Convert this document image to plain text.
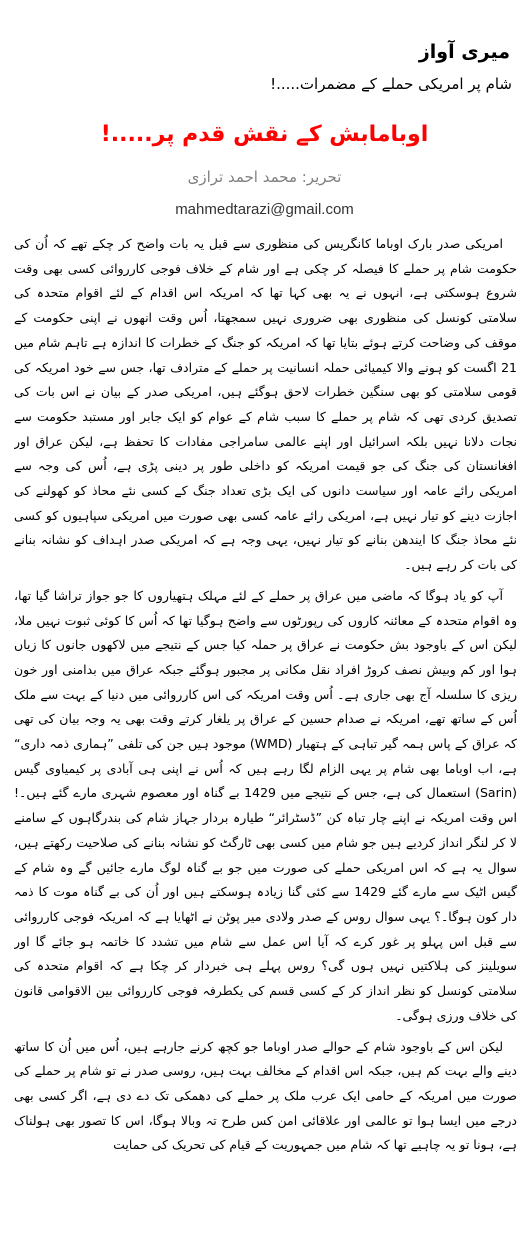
میری آواز
شام پر امریکی حملے کے مضمرات.....!
اوبامابش کے نقش قدم پر.....!
تحریر: محمد احمد ترازی
mahmedtarazi@gmail.com

امریکی صدر بارک اوباما کانگریس کی منظوری سے قبل یہ بات واضح کر چکے تھے کہ اُن کی حکومت شام پر حملے کا فیصلہ کر چکی ہے اور شام کے خلاف فوجی کارروائی کسی بھی وقت شروع ہوسکتی ہے، انہوں نے یہ بھی کہا تھا کہ امریکہ اس اقدام کے لئے اقوام متحدہ کی سلامتی کونسل کی منظوری بھی ضروری نہیں سمجھتا، اُس وقت انھوں نے اپنی حکومت کے موقف کی وضاحت کرتے ہوئے بتایا تھا کہ امریکہ کو جنگ کے خطرات کا اندازہ ہے تاہم شام میں 21 اگست کو ہونے والا کیمیائی حملہ انسانیت پر حملے کے مترادف تھا، جس سے خود امریکہ کی قومی سلامتی کو بھی سنگین خطرات لاحق ہوگئے ہیں، امریکی صدر کے بیان نے اس بات کی تصدیق کردی تھی کہ شام پر حملے کا سبب شام کے عوام کو ایک جابر اور مستبد حکومت سے نجات دلانا نہیں بلکہ اسرائیل اور اپنے عالمی سامراجی مفادات کا تحفظ ہے، لیکن عراق اور افغانستان کی جنگ کی جو قیمت امریکہ کو داخلی طور پر دینی پڑی ہے، اُس کی وجہ سے امریکی رائے عامہ اور سیاست دانوں کی ایک بڑی تعداد جنگ کے کسی نئے محاذ کو کھولنے کی اجازت دینے کو تیار نہیں ہے، امریکی رائے عامہ کسی بھی صورت میں امریکی سپاہیوں کو کسی نئے محاذ جنگ کا ایندھن بنانے کو تیار نہیں، یہی وجہ ہے کہ امریکی صدر اہداف کو نشانہ بنانے کی بات کر رہے ہیں۔

آپ کو یاد ہوگا کہ ماضی میں عراق پر حملے کے لئے مہلک ہتھیاروں کا جو جواز تراشا گیا تھا، وہ اقوام متحدہ کے معائنہ کاروں کی رپورٹوں سے واضح ہوگیا تھا کہ اُس کا کوئی ثبوت نہیں ملا، لیکن اس کے باوجود بش حکومت نے عراق پر حملہ کیا جس کے نتیجے میں لاکھوں جانوں کا زیاں ہوا اور کم وبیش نصف کروڑ افراد نقل مکانی پر مجبور ہوگئے جبکہ عراق میں بدامنی اور خون ریزی کا سلسلہ آج بھی جاری ہے۔ اُس وقت امریکہ کی اس کارروائی میں دنیا کے بہت سے ملک اُس کے ساتھ تھے، امریکہ نے صدام حسین کے عراق پر یلغار کرتے وقت بھی یہ وجہ بیان کی تھی کہ عراق کے پاس ہمہ گیر تباہی کے ہتھیار (WMD) موجود ہیں جن کی تلفی ”ہماری ذمہ داری“ ہے، اب اوباما بھی شام پر یہی الزام لگا رہے ہیں کہ اُس نے اپنی ہی آبادی پر کیمیاوی گیس (Sarin) استعمال کی ہے، جس کے نتیجے میں 1429 بے گناہ اور معصوم شہری مارے گئے ہیں۔! اس وقت امریکہ نے اپنے چار تباہ کن ”ڈسٹرائر“ طیارہ بردار جہاز شام کی بندرگاہوں کے سامنے لا کر لنگر انداز کردیے ہیں جو شام میں کسی بھی ٹارگٹ کو نشانہ بنانے کی صلاحیت رکھتے ہیں، سوال یہ ہے کہ اس امریکی حملے کی صورت میں جو بے گناہ لوگ مارے جائیں گے وہ شام کے گیس اٹیک سے مارے گئے 1429 سے کئی گنا زیادہ ہوسکتے ہیں اور اُن کی بے گناہ موت کا ذمہ دار کون ہوگا۔؟ یہی سوال روس کے صدر ولادی میر پوٹن نے اٹھایا ہے کہ امریکہ فوجی کارروائی سے قبل اس پہلو پر غور کرے کہ آیا اس عمل سے شام میں تشدد کا خاتمہ ہو جائے گا اور سویلینز کی ہلاکتیں نہیں ہوں گی؟ روس پہلے ہی خبردار کر چکا ہے کہ اقوام متحدہ کی سلامتی کونسل کو نظر انداز کر کے کسی قسم کی یکطرفہ فوجی کارروائی بین الاقوامی قانون کی خلاف ورزی ہوگی۔

لیکن اس کے باوجود شام کے حوالے صدر اوباما جو کچھ کرنے جارہے ہیں، اُس میں اُن کا ساتھ دینے والے بہت کم ہیں، جبکہ اس اقدام کے مخالف بہت ہیں، روسی صدر نے تو شام پر حملے کی صورت میں امریکہ کے حامی ایک عرب ملک پر حملے کی دھمکی تک دے دی ہے، اگر کسی بھی درجے میں ایسا ہوا تو عالمی اور علاقائی امن کس طرح تہ وبالا ہوگا، اس کا تصور بھی ہولناک ہے، ہونا تو یہ چاہیے تھا کہ شام میں جمہوریت کے قیام کی تحریک کی حمایت
